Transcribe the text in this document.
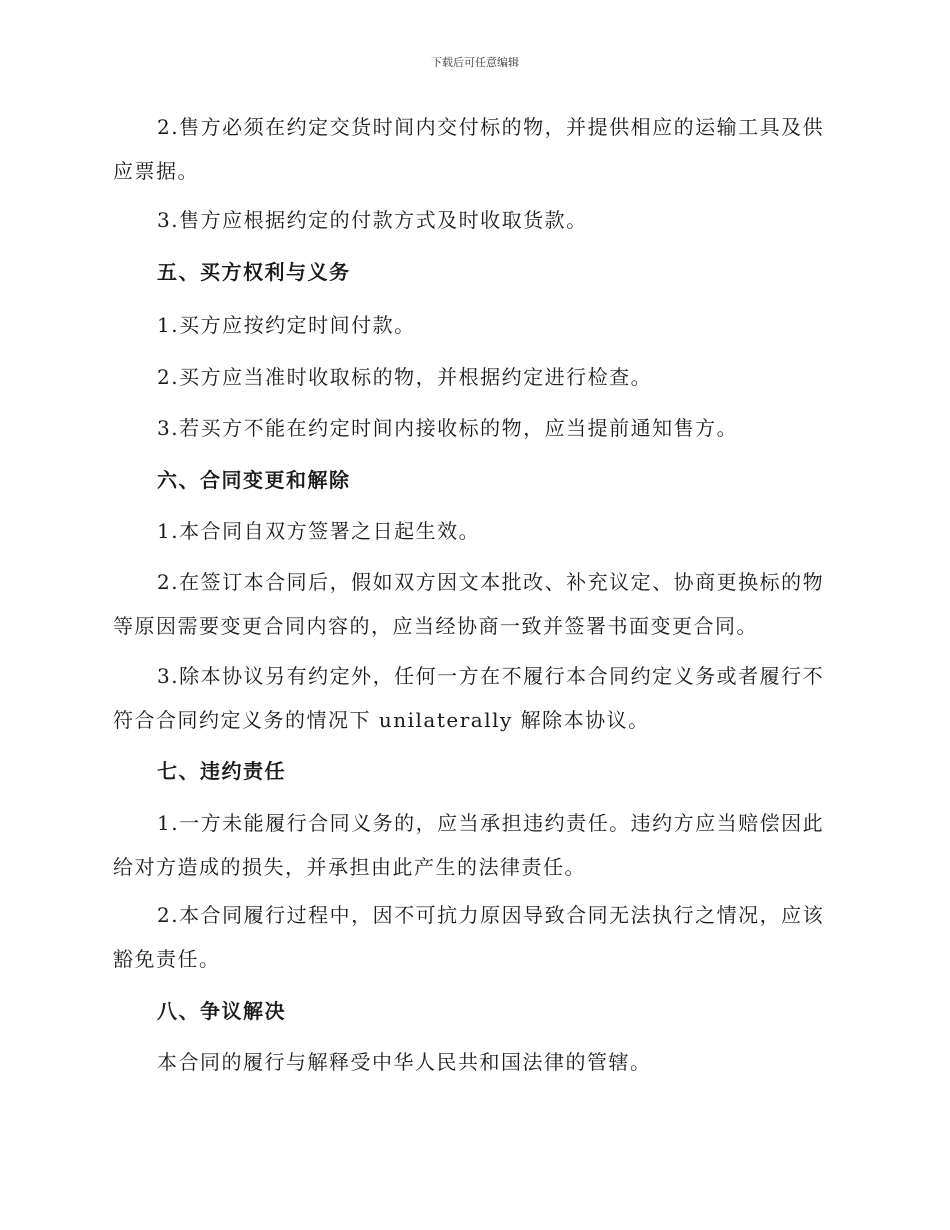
下载后可任意编辑

2.售方必须在约定交货时间内交付标的物，并提供相应的运输工具及供应票据。

3.售方应根据约定的付款方式及时收取货款。

五、买方权利与义务

1.买方应按约定时间付款。

2.买方应当准时收取标的物，并根据约定进行检查。

3.若买方不能在约定时间内接收标的物，应当提前通知售方。

六、合同变更和解除

1.本合同自双方签署之日起生效。

2.在签订本合同后，假如双方因文本批改、补充议定、协商更换标的物等原因需要变更合同内容的，应当经协商一致并签署书面变更合同。

3.除本协议另有约定外，任何一方在不履行本合同约定义务或者履行不符合合同约定义务的情况下 unilaterally 解除本协议。

七、违约责任

1.一方未能履行合同义务的，应当承担违约责任。违约方应当赔偿因此给对方造成的损失，并承担由此产生的法律责任。

2.本合同履行过程中，因不可抗力原因导致合同无法执行之情况，应该豁免责任。

八、争议解决

本合同的履行与解释受中华人民共和国法律的管辖。
